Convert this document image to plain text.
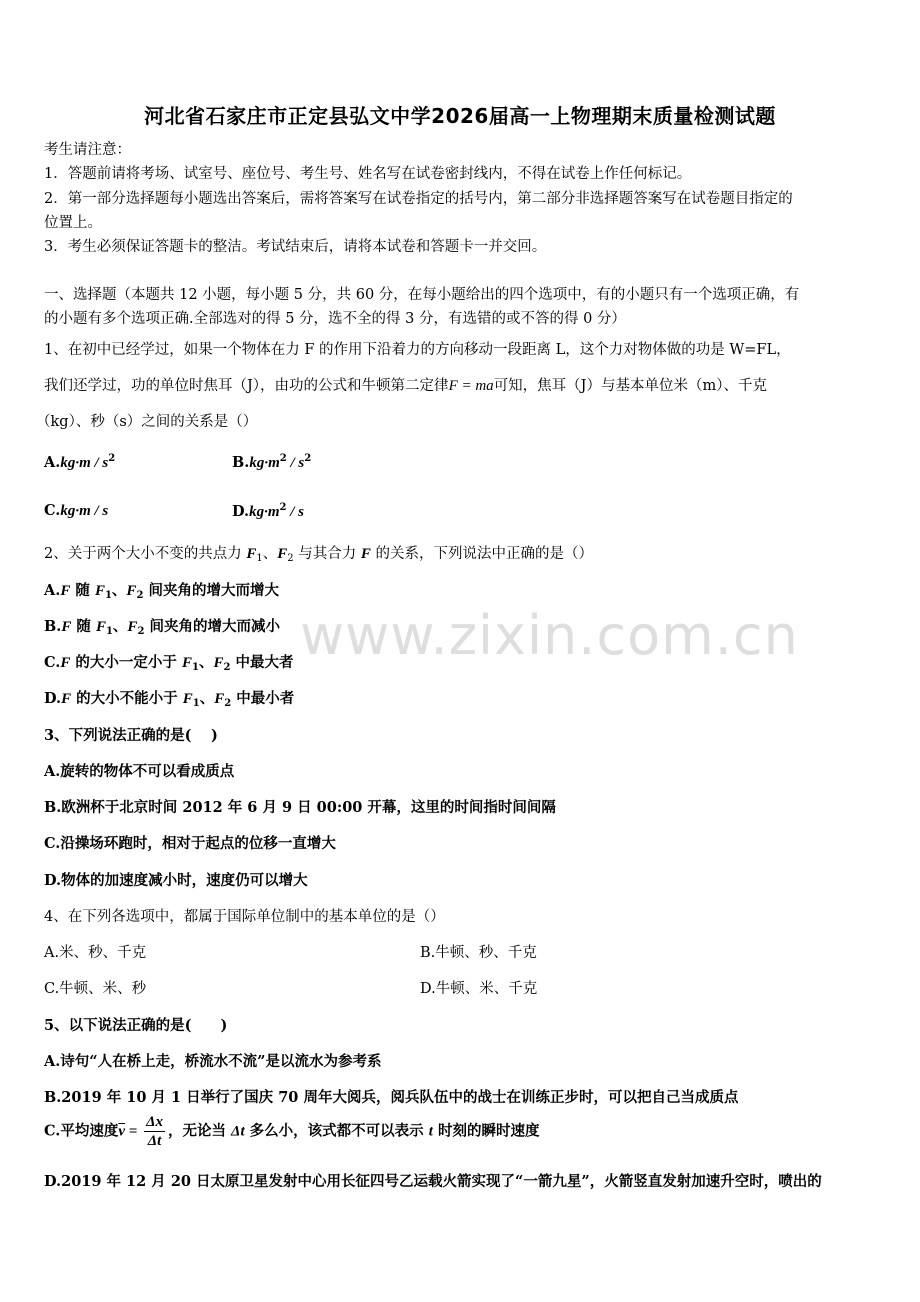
www.zixin.com.cn
河北省石家庄市正定县弘文中学2026届高一上物理期末质量检测试题
考生请注意：
1．答题前请将考场、试室号、座位号、考生号、姓名写在试卷密封线内，不得在试卷上作任何标记。
2．第一部分选择题每小题选出答案后，需将答案写在试卷指定的括号内，第二部分非选择题答案写在试卷题目指定的
位置上。
3．考生必须保证答题卡的整洁。考试结束后，请将本试卷和答题卡一并交回。
一、选择题（本题共 12 小题，每小题 5 分，共 60 分，在每小题给出的四个选项中，有的小题只有一个选项正确，有
的小题有多个选项正确.全部选对的得 5 分，选不全的得 3 分，有选错的或不答的得 0 分）
1、在初中已经学过，如果一个物体在力 F 的作用下沿着力的方向移动一段距离 L，这个力对物体做的功是 W=FL，
我们还学过，功的单位时焦耳（J），由功的公式和牛顿第二定律F = ma可知，焦耳（J）与基本单位米（m）、千克
（kg）、秒（s）之间的关系是（）
$A.kg\cdot m / s^2$	$B.kg\cdot m^2 / s^2$
C.kg·m / s	$D.kg\cdot m^2 / s$
2、关于两个大小不变的共点力 $F_1$、$F_2$ 与其合力 F 的关系，下列说法中正确的是（）
A.F 随 $F_1$、$F_2$ 间夹角的增大而增大
B.F 随 $F_1$、$F_2$ 间夹角的增大而减小
C.F 的大小一定小于 $F_1$、$F_2$ 中最大者
D.F 的大小不能小于 $F_1$、$F_2$ 中最小者
3、下列说法正确的是(　 )
A.旋转的物体不可以看成质点
B.欧洲杯于北京时间 2012 年 6 月 9 日 00:00 开幕，这里的时间指时间间隔
C.沿操场环跑时，相对于起点的位移一直增大
D.物体的加速度减小时，速度仍可以增大
4、在下列各选项中，都属于国际单位制中的基本单位的是（）
A.米、秒、千克	B.牛顿、秒、千克
C.牛顿、米、秒	D.牛顿、米、千克
5、以下说法正确的是(　　)
A.诗句“人在桥上走，桥流水不流”是以流水为参考系
B.2019 年 10 月 1 日举行了国庆 70 周年大阅兵，阅兵队伍中的战士在训练正步时，可以把自己当成质点
C.平均速度$\overline{v} = \frac{\Delta x}{\Delta t}$ ，无论当 Δt 多么小，该式都不可以表示 t 时刻的瞬时速度
D.2019 年 12 月 20 日太原卫星发射中心用长征四号乙运载火箭实现了“一箭九星”，火箭竖直发射加速升空时，喷出的
